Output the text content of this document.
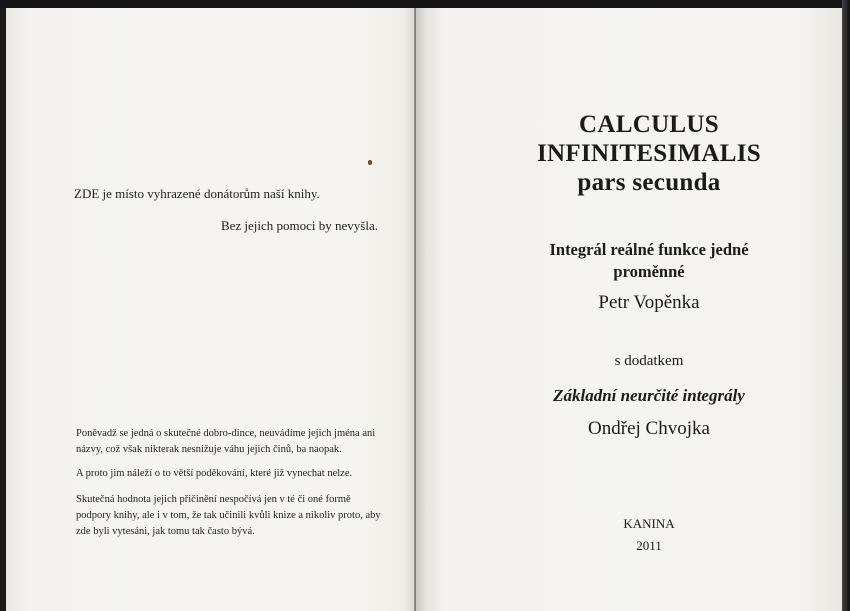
ZDE je místo vyhrazené donátorům naší knihy.

Bez jejich pomoci by nevyšla.

Poněvadž se jedná o skutečné dobro-dince, neuvádíme jejich jména ani názvy, což však nikterak nesnižuje váhu jejich činů, ba naopak.

A proto jim náleží o to větší poděkování, které již vynechat nelze.

Skutečná hodnota jejich přičinění nespočívá jen v té či oné formě podpory knihy, ale i v tom, že tak učinili kvůli knize a nikoliv proto, aby zde byli vytesáni, jak tomu tak často bývá.

CALCULUS
INFINITESIMALIS
pars secunda
Integrál reálné funkce jedné
proměnné

Petr Vopěnka

s dodatkem

Základní neurčité integrály

Ondřej Chvojka

KANINA

2011
